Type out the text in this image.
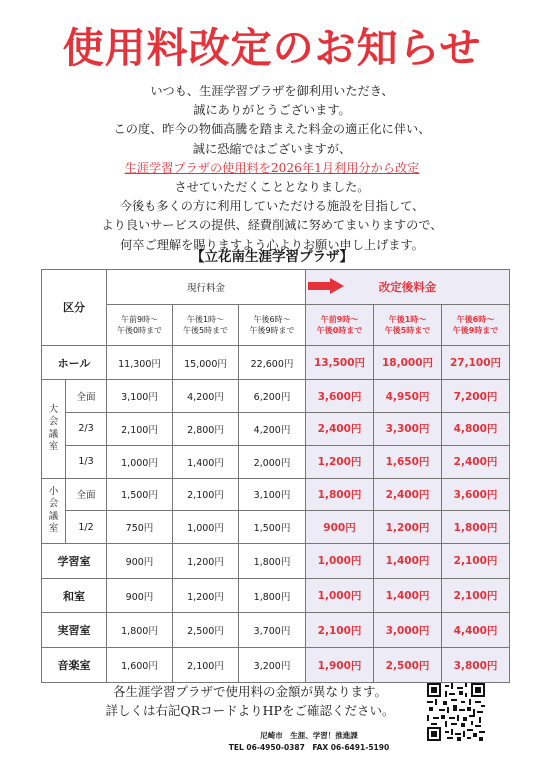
使用料改定のお知らせ
いつも、生涯学習プラザを御利用いただき、
誠にありがとうございます。
この度、昨今の物価高騰を踏まえた料金の適正化に伴い、
誠に恐縮ではございますが、
生涯学習プラザの使用料を2026年1月利用分から改定
させていただくこととなりました。
今後も多くの方に利用していただける施設を目指して、
より良いサービスの提供、経費削減に努めてまいりますので、
何卒ご理解を賜りますよう心よりお願い申し上げます。
【立花南生涯学習プラザ】
区分		現行料金			改定後料金		
		午前9時～
午後0時まで	午後1時～
午後5時まで	午後6時～
午後9時まで	午前9時～
午後0時まで	午後1時～
午後5時まで	午後6時～
午後9時まで
ホール		11,300円	15,000円	22,600円	13,500円	18,000円	27,100円
大
会
議
室	全面	3,100円	4,200円	6,200円	3,600円	4,950円	7,200円
	2/3	2,100円	2,800円	4,200円	2,400円	3,300円	4,800円
	1/3	1,000円	1,400円	2,000円	1,200円	1,650円	2,400円
小
会
議
室	全面	1,500円	2,100円	3,100円	1,800円	2,400円	3,600円
	1/2	750円	1,000円	1,500円	900円	1,200円	1,800円
学習室		900円	1,200円	1,800円	1,000円	1,400円	2,100円
和室		900円	1,200円	1,800円	1,000円	1,400円	2,100円
実習室		1,800円	2,500円	3,700円	2,100円	3,000円	4,400円
音楽室		1,600円	2,100円	3,200円	1,900円	2,500円	3,800円
各生涯学習プラザで使用料の金額が異なります。
詳しくは右記QRコードよりHPをご確認ください。
尼崎市　生涯、学習！推進課
TEL 06-4950-0387　FAX 06-6491-5190
